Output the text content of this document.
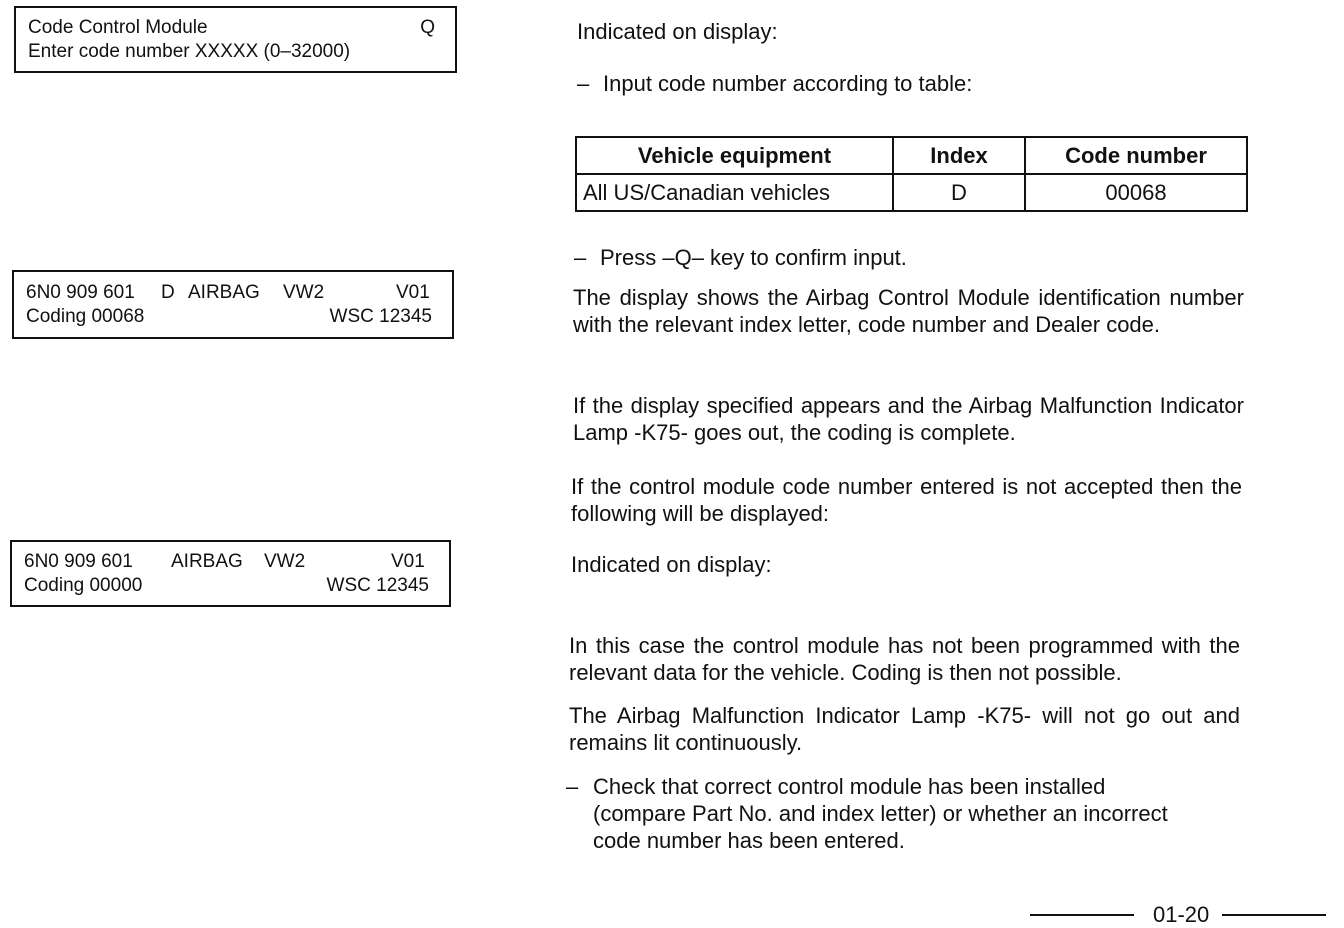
Code Control Module	Q
Enter code number XXXXX (0–32000)
6N0 909 601 D AIRBAG VW2	V01
Coding 00068	WSC 12345
6N0 909 601 AIRBAG VW2	V01
Coding 00000	WSC 12345

Indicated on display:

– Input code number according to table:

Vehicle equipment	Index	Code number
All US/Canadian vehicles	D	00068

– Press –Q– key to confirm input.

The display shows the Airbag Control Module identification number with the relevant index letter, code number and Dealer code.

If the display specified appears and the Airbag Malfunction Indicator Lamp -K75- goes out, the coding is complete.

If the control module code number entered is not accepted then the following will be displayed:

Indicated on display:

In this case the control module has not been programmed with the relevant data for the vehicle. Coding is then not possible.

The Airbag Malfunction Indicator Lamp -K75- will not go out and remains lit continuously.

– Check that correct control module has been installed (compare Part No. and index letter) or whether an incorrect code number has been entered.
01-20
